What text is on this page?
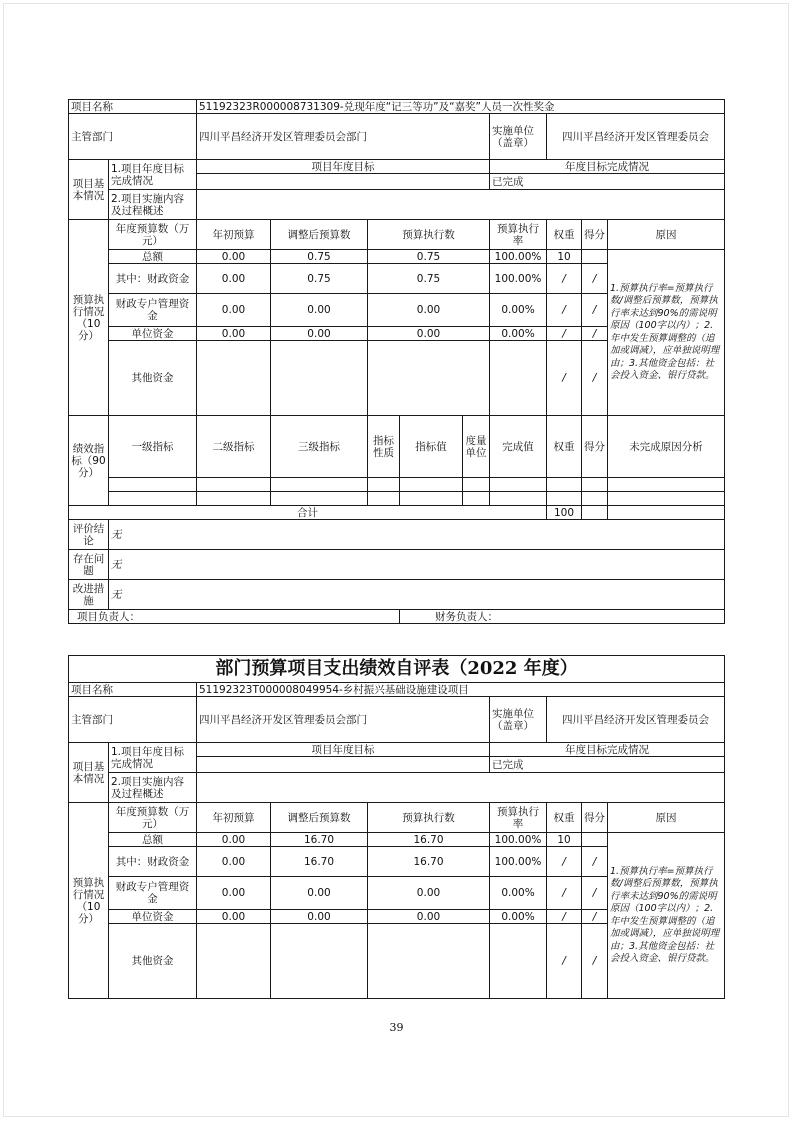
项目名称		51192323R000008731309-兑现年度“记三等功”及“嘉奖”人员一次性奖金								
主管部门		四川平昌经济开发区管理委员会部门					实施单位（盖章）	四川平昌经济开发区管理委员会		
项目基本情况	1.项目年度目标完成情况	项目年度目标					年度目标完成情况			
							已完成			
	2.项目实施内容及过程概述									
预算执行情况（10分）	年度预算数（万元）	年初预算	调整后预算数	预算执行数			预算执行率	权重	得分	原因
	总额	0.00	0.75	0.75			100.00%	10		1.预算执行率=预算执行数/调整后预算数，预算执行率未达到90%的需说明原因（100字以内）；2.年中发生预算调整的（追加或调减），应单独说明理由；3.其他资金包括：社会投入资金、银行贷款。
	其中：财政资金	0.00	0.75	0.75			100.00%	/	/	
	财政专户管理资金	0.00	0.00	0.00			0.00%	/	/	
	单位资金	0.00	0.00	0.00			0.00%	/	/	
	其他资金							/	/	
绩效指标（90分）	一级指标	二级指标	三级指标	指标性质	指标值	度量单位	完成值	权重	得分	未完成原因分析

合计								100		
评价结论	无									
存在问题	无									
改进措施	无									
项目负责人：					财务负责人：					
部门预算项目支出绩效自评表（2022 年度）								
项目名称		51192323T000008049954-乡村振兴基础设施建设项目						
主管部门		四川平昌经济开发区管理委员会部门			实施单位（盖章）	四川平昌经济开发区管理委员会		
项目基本情况	1.项目年度目标完成情况	项目年度目标			年度目标完成情况			
					已完成			
	2.项目实施内容及过程概述							
预算执行情况（10分）	年度预算数（万元）	年初预算	调整后预算数	预算执行数	预算执行率	权重	得分	原因
	总额	0.00	16.70	16.70	100.00%	10		1.预算执行率=预算执行数/调整后预算数，预算执行率未达到90%的需说明原因（100字以内）；2.年中发生预算调整的（追加或调减），应单独说明理由；3.其他资金包括：社会投入资金、银行贷款。
	其中：财政资金	0.00	16.70	16.70	100.00%	/	/	
	财政专户管理资金	0.00	0.00	0.00	0.00%	/	/	
	单位资金	0.00	0.00	0.00	0.00%	/	/	
	其他资金					/	/	
39
